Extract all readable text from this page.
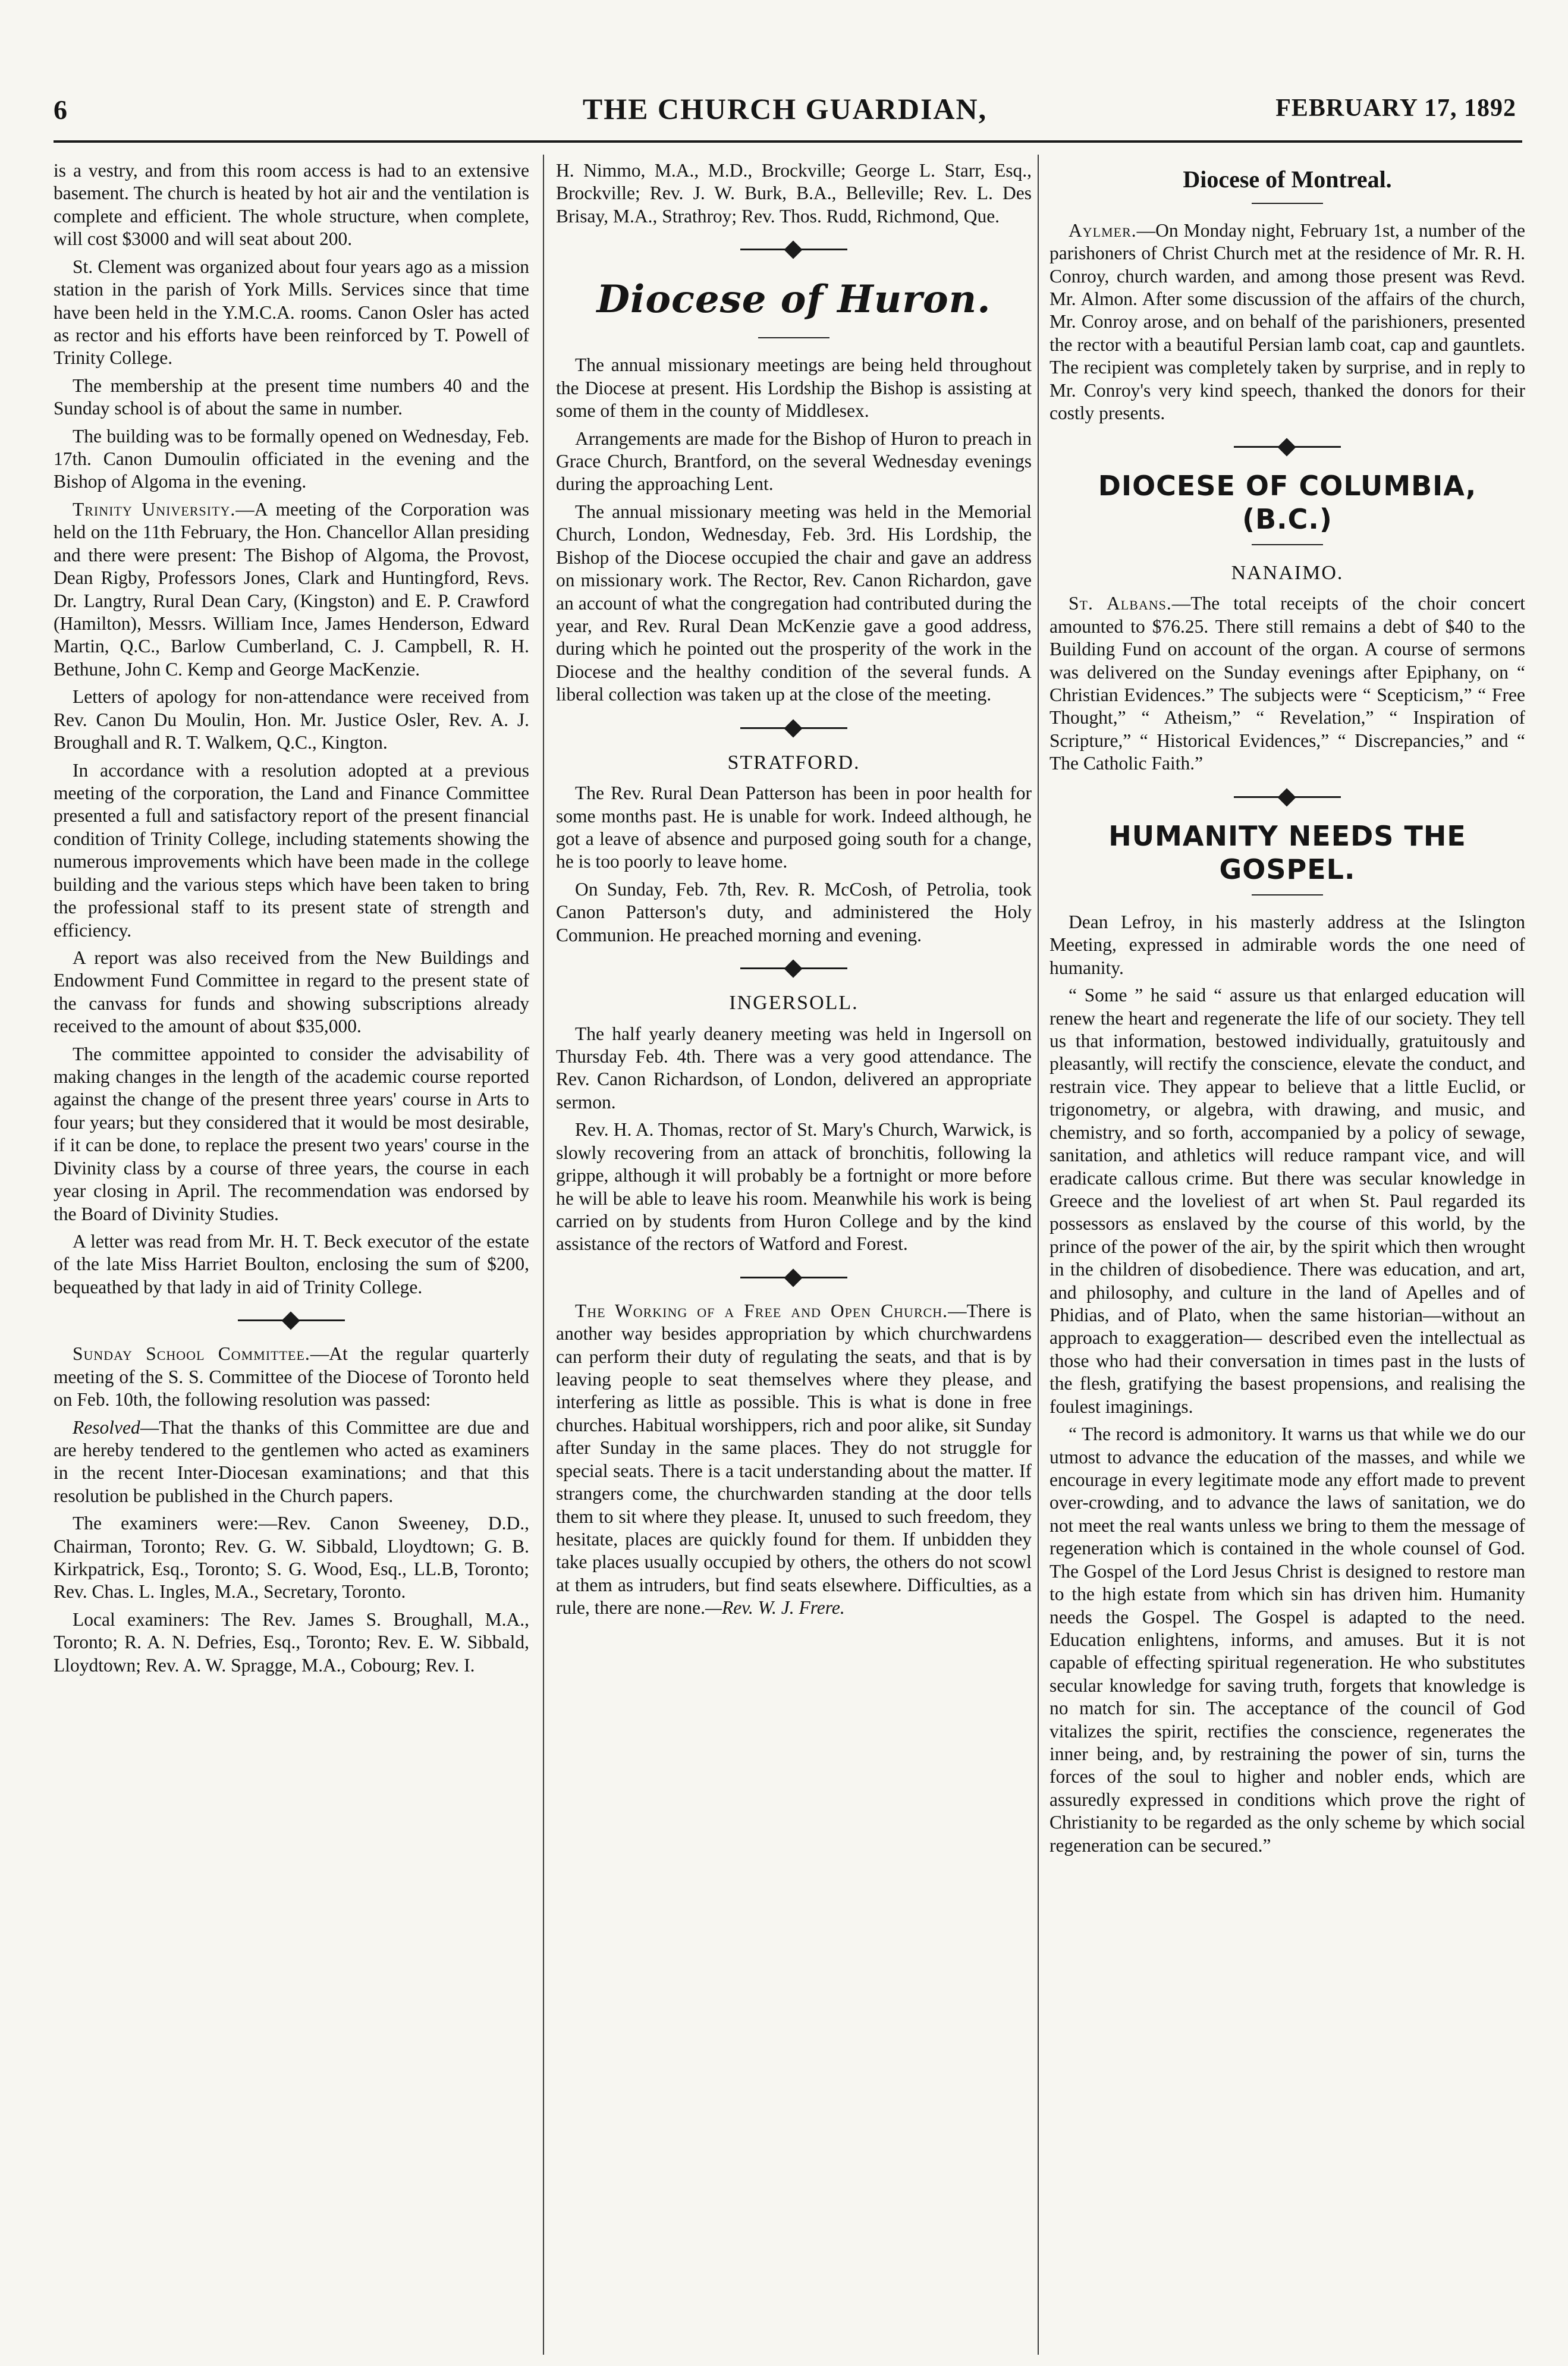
6	THE CHURCH GUARDIAN,	FEBRUARY 17, 1892

is a vestry, and from this room access is had to an extensive basement. The church is heated by hot air and the ventilation is complete and efficient. The whole structure, when complete, will cost $3000 and will seat about 200.

St. Clement was organized about four years ago as a mission station in the parish of York Mills. Services since that time have been held in the Y.M.C.A. rooms. Canon Osler has acted as rector and his efforts have been reinforced by T. Powell of Trinity College.

The membership at the present time numbers 40 and the Sunday school is of about the same in number.

The building was to be formally opened on Wednesday, Feb. 17th. Canon Dumoulin officiated in the evening and the Bishop of Algoma in the evening.

Trinity University.—A meeting of the Corporation was held on the 11th February, the Hon. Chancellor Allan presiding and there were present: The Bishop of Algoma, the Provost, Dean Rigby, Professors Jones, Clark and Huntingford, Revs. Dr. Langtry, Rural Dean Cary, (Kingston) and E. P. Crawford (Hamilton), Messrs. William Ince, James Henderson, Edward Martin, Q.C., Barlow Cumberland, C. J. Campbell, R. H. Bethune, John C. Kemp and George MacKenzie.

Letters of apology for non-attendance were received from Rev. Canon Du Moulin, Hon. Mr. Justice Osler, Rev. A. J. Broughall and R. T. Walkem, Q.C., Kington.

In accordance with a resolution adopted at a previous meeting of the corporation, the Land and Finance Committee presented a full and satisfactory report of the present financial condition of Trinity College, including statements showing the numerous improvements which have been made in the college building and the various steps which have been taken to bring the professional staff to its present state of strength and efficiency.

A report was also received from the New Buildings and Endowment Fund Committee in regard to the present state of the canvass for funds and showing subscriptions already received to the amount of about $35,000.

The committee appointed to consider the advisability of making changes in the length of the academic course reported against the change of the present three years' course in Arts to four years; but they considered that it would be most desirable, if it can be done, to replace the present two years' course in the Divinity class by a course of three years, the course in each year closing in April. The recommendation was endorsed by the Board of Divinity Studies.

A letter was read from Mr. H. T. Beck executor of the estate of the late Miss Harriet Boulton, enclosing the sum of $200, bequeathed by that lady in aid of Trinity College.

Sunday School Committee.—At the regular quarterly meeting of the S. S. Committee of the Diocese of Toronto held on Feb. 10th, the following resolution was passed:

Resolved—That the thanks of this Committee are due and are hereby tendered to the gentlemen who acted as examiners in the recent Inter-Diocesan examinations; and that this resolution be published in the Church papers.

The examiners were:—Rev. Canon Sweeney, D.D., Chairman, Toronto; Rev. G. W. Sibbald, Lloydtown; G. B. Kirkpatrick, Esq., Toronto; S. G. Wood, Esq., LL.B, Toronto; Rev. Chas. L. Ingles, M.A., Secretary, Toronto.

Local examiners: The Rev. James S. Broughall, M.A., Toronto; R. A. N. Defries, Esq., Toronto; Rev. E. W. Sibbald, Lloydtown; Rev. A. W. Spragge, M.A., Cobourg; Rev. I.

H. Nimmo, M.A., M.D., Brockville; George L. Starr, Esq., Brockville; Rev. J. W. Burk, B.A., Belleville; Rev. L. Des Brisay, M.A., Strathroy; Rev. Thos. Rudd, Richmond, Que.

Diocese of Huron.

The annual missionary meetings are being held throughout the Diocese at present. His Lordship the Bishop is assisting at some of them in the county of Middlesex.

Arrangements are made for the Bishop of Huron to preach in Grace Church, Brantford, on the several Wednesday evenings during the approaching Lent.

The annual missionary meeting was held in the Memorial Church, London, Wednesday, Feb. 3rd. His Lordship, the Bishop of the Diocese occupied the chair and gave an address on missionary work. The Rector, Rev. Canon Richardon, gave an account of what the congregation had contributed during the year, and Rev. Rural Dean McKenzie gave a good address, during which he pointed out the prosperity of the work in the Diocese and the healthy condition of the several funds. A liberal collection was taken up at the close of the meeting.

STRATFORD.

The Rev. Rural Dean Patterson has been in poor health for some months past. He is unable for work. Indeed although, he got a leave of absence and purposed going south for a change, he is too poorly to leave home.

On Sunday, Feb. 7th, Rev. R. McCosh, of Petrolia, took Canon Patterson's duty, and administered the Holy Communion. He preached morning and evening.

INGERSOLL.

The half yearly deanery meeting was held in Ingersoll on Thursday Feb. 4th. There was a very good attendance. The Rev. Canon Richardson, of London, delivered an appropriate sermon.

Rev. H. A. Thomas, rector of St. Mary's Church, Warwick, is slowly recovering from an attack of bronchitis, following la grippe, although it will probably be a fortnight or more before he will be able to leave his room. Meanwhile his work is being carried on by students from Huron College and by the kind assistance of the rectors of Watford and Forest.

The Working of a Free and Open Church.—There is another way besides appropriation by which churchwardens can perform their duty of regulating the seats, and that is by leaving people to seat themselves where they please, and interfering as little as possible. This is what is done in free churches. Habitual worshippers, rich and poor alike, sit Sunday after Sunday in the same places. They do not struggle for special seats. There is a tacit understanding about the matter. If strangers come, the churchwarden standing at the door tells them to sit where they please. It, unused to such freedom, they hesitate, places are quickly found for them. If unbidden they take places usually occupied by others, the others do not scowl at them as intruders, but find seats elsewhere. Difficulties, as a rule, there are none.—Rev. W. J. Frere.

Diocese of Montreal.

Aylmer.—On Monday night, February 1st, a number of the parishoners of Christ Church met at the residence of Mr. R. H. Conroy, church warden, and among those present was Revd. Mr. Almon. After some discussion of the affairs of the church, Mr. Conroy arose, and on behalf of the parishioners, presented the rector with a beautiful Persian lamb coat, cap and gauntlets. The recipient was completely taken by surprise, and in reply to Mr. Conroy's very kind speech, thanked the donors for their costly presents.

DIOCESE OF COLUMBIA, (B.C.)
NANAIMO.

St. Albans.—The total receipts of the choir concert amounted to $76.25. There still remains a debt of $40 to the Building Fund on account of the organ. A course of sermons was delivered on the Sunday evenings after Epiphany, on “ Christian Evidences.” The subjects were “ Scepticism,” “ Free Thought,” “ Atheism,” “ Revelation,” “ Inspiration of Scripture,” “ Historical Evidences,” “ Discrepancies,” and “ The Catholic Faith.”

HUMANITY NEEDS THE GOSPEL.

Dean Lefroy, in his masterly address at the Islington Meeting, expressed in admirable words the one need of humanity.

“ Some ” he said “ assure us that enlarged education will renew the heart and regenerate the life of our society. They tell us that information, bestowed individually, gratuitously and pleasantly, will rectify the conscience, elevate the conduct, and restrain vice. They appear to believe that a little Euclid, or trigonometry, or algebra, with drawing, and music, and chemistry, and so forth, accompanied by a policy of sewage, sanitation, and athletics will reduce rampant vice, and will eradicate callous crime. But there was secular knowledge in Greece and the loveliest of art when St. Paul regarded its possessors as enslaved by the course of this world, by the prince of the power of the air, by the spirit which then wrought in the children of disobedience. There was education, and art, and philosophy, and culture in the land of Apelles and of Phidias, and of Plato, when the same historian—without an approach to exaggeration— described even the intellectual as those who had their conversation in times past in the lusts of the flesh, gratifying the basest propensions, and realising the foulest imaginings.

“ The record is admonitory. It warns us that while we do our utmost to advance the education of the masses, and while we encourage in every legitimate mode any effort made to prevent over-crowding, and to advance the laws of sanitation, we do not meet the real wants unless we bring to them the message of regeneration which is contained in the whole counsel of God. The Gospel of the Lord Jesus Christ is designed to restore man to the high estate from which sin has driven him. Humanity needs the Gospel. The Gospel is adapted to the need. Education enlightens, informs, and amuses. But it is not capable of effecting spiritual regeneration. He who substitutes secular knowledge for saving truth, forgets that knowledge is no match for sin. The acceptance of the council of God vitalizes the spirit, rectifies the conscience, regenerates the inner being, and, by restraining the power of sin, turns the forces of the soul to higher and nobler ends, which are assuredly expressed in conditions which prove the right of Christianity to be regarded as the only scheme by which social regeneration can be secured.”
